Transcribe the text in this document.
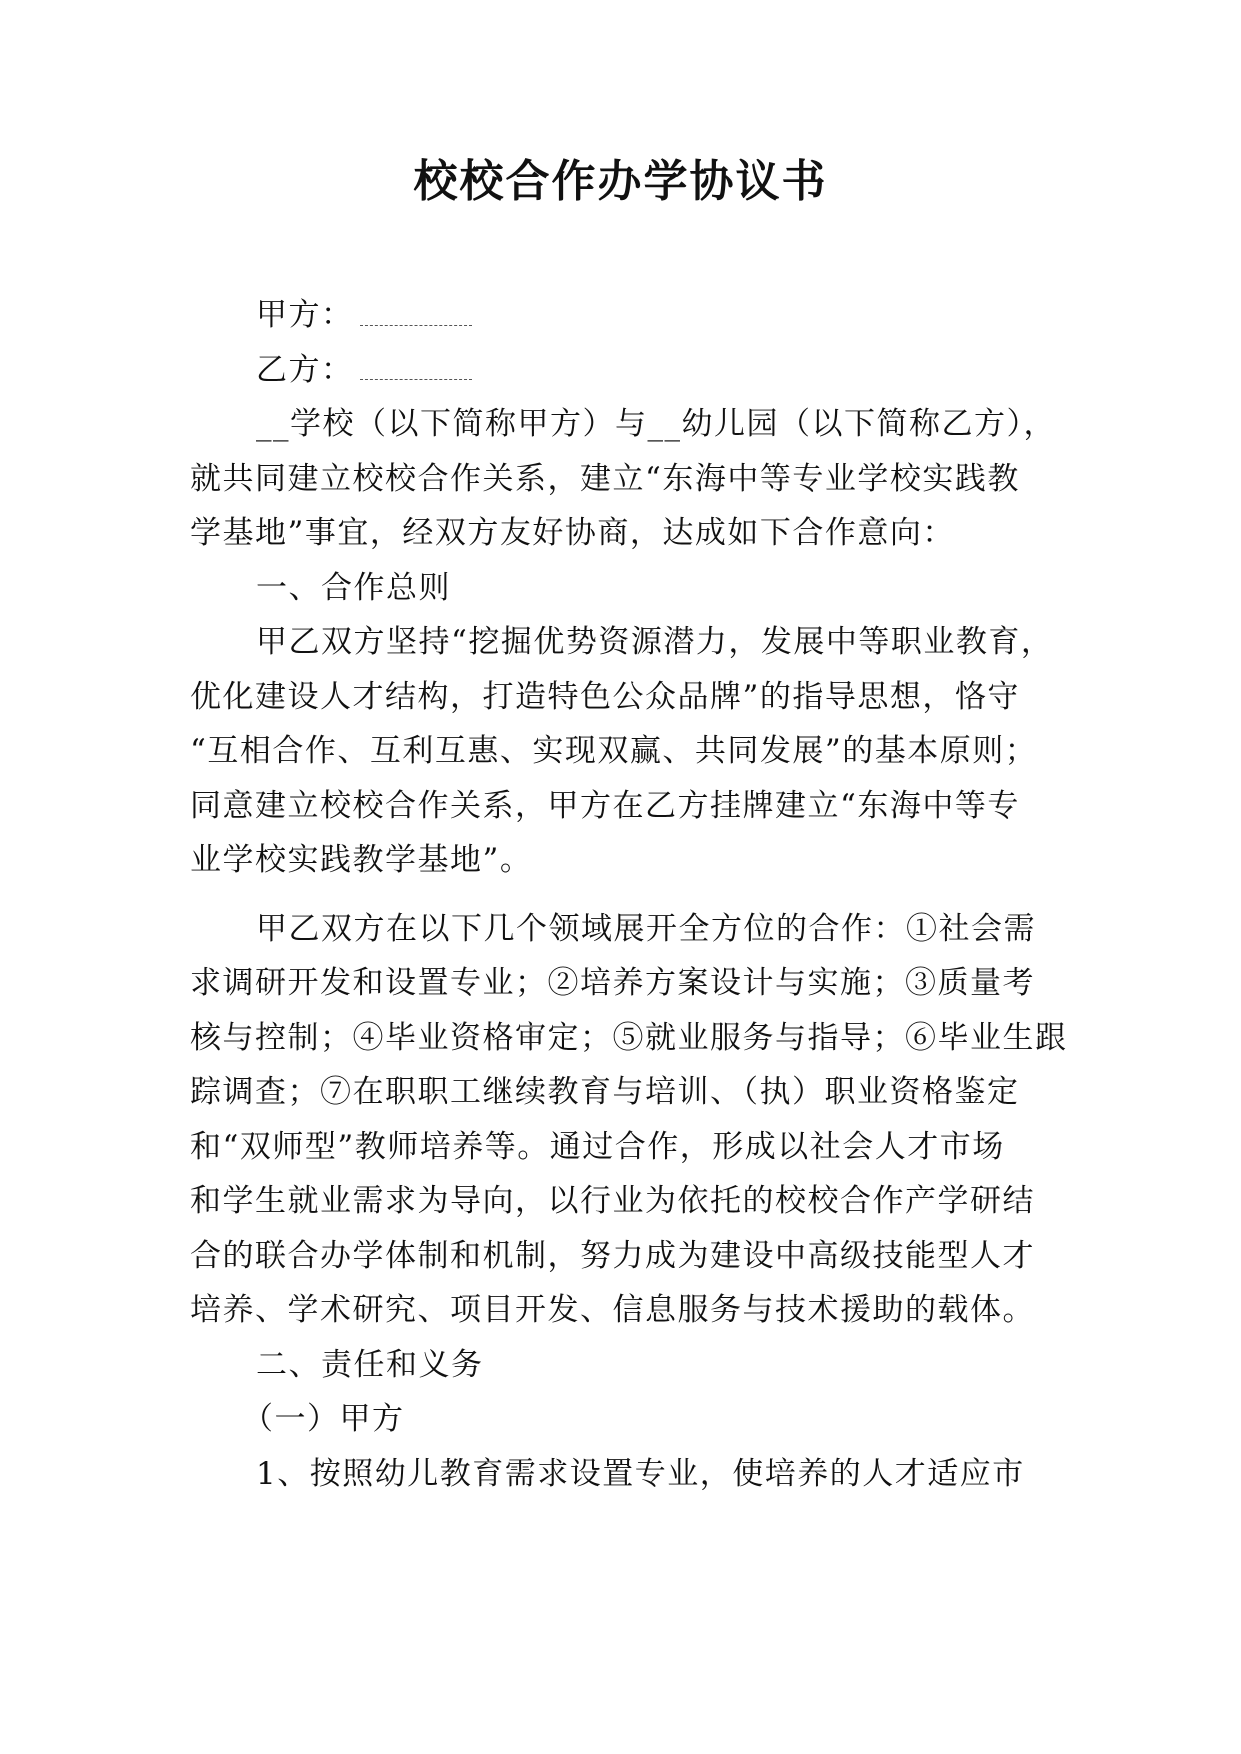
校校合作办学协议书
甲方：
乙方：
__学校（以下简称甲方）与__幼儿园（以下简称乙方），
就共同建立校校合作关系，建立“东海中等专业学校实践教
学基地”事宜，经双方友好协商，达成如下合作意向：
一、合作总则
甲乙双方坚持“挖掘优势资源潜力，发展中等职业教育，
优化建设人才结构，打造特色公众品牌”的指导思想，恪守
“互相合作、互利互惠、实现双赢、共同发展”的基本原则；
同意建立校校合作关系，甲方在乙方挂牌建立“东海中等专
业学校实践教学基地”。
甲乙双方在以下几个领域展开全方位的合作：①社会需
求调研开发和设置专业；②培养方案设计与实施；③质量考
核与控制；④毕业资格审定；⑤就业服务与指导；⑥毕业生跟
踪调查；⑦在职职工继续教育与培训、（执）职业资格鉴定
和“双师型”教师培养等。通过合作，形成以社会人才市场
和学生就业需求为导向，以行业为依托的校校合作产学研结
合的联合办学体制和机制，努力成为建设中高级技能型人才
培养、学术研究、项目开发、信息服务与技术援助的载体。
二、责任和义务
（一）甲方
1、按照幼儿教育需求设置专业，使培养的人才适应市
